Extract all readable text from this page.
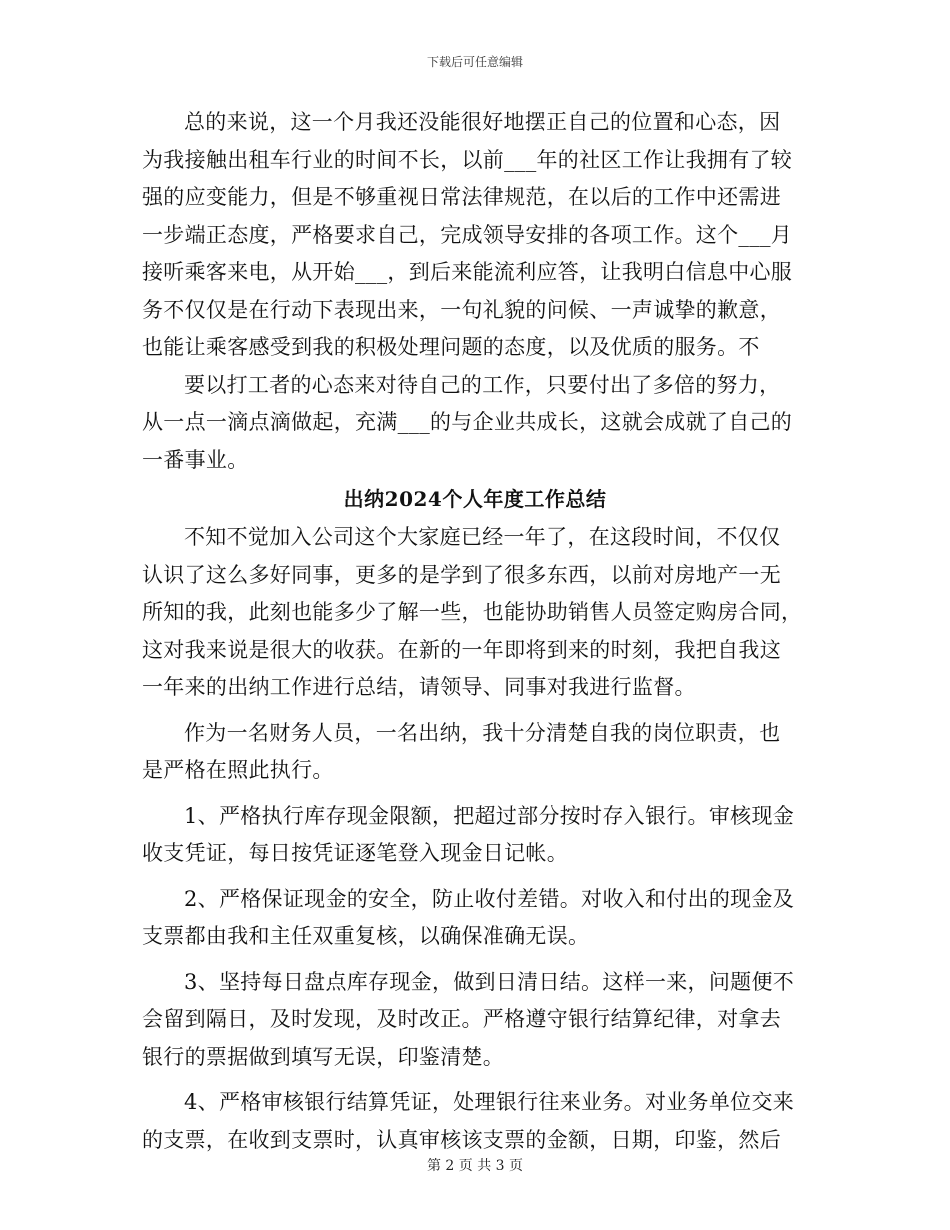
下载后可任意编辑
总的来说，这一个月我还没能很好地摆正自己的位置和心态，因
为我接触出租车行业的时间不长，以前___年的社区工作让我拥有了较
强的应变能力，但是不够重视日常法律规范，在以后的工作中还需进
一步端正态度，严格要求自己，完成领导安排的各项工作。这个___月
接听乘客来电，从开始___，到后来能流利应答，让我明白信息中心服
务不仅仅是在行动下表现出来，一句礼貌的问候、一声诚挚的歉意，
也能让乘客感受到我的积极处理问题的态度，以及优质的服务。不
要以打工者的心态来对待自己的工作，只要付出了多倍的努力，
从一点一滴点滴做起，充满___的与企业共成长，这就会成就了自己的
一番事业。
出纳2024个人年度工作总结
不知不觉加入公司这个大家庭已经一年了，在这段时间，不仅仅
认识了这么多好同事，更多的是学到了很多东西，以前对房地产一无
所知的我，此刻也能多少了解一些，也能协助销售人员签定购房合同，
这对我来说是很大的收获。在新的一年即将到来的时刻，我把自我这
一年来的出纳工作进行总结，请领导、同事对我进行监督。
作为一名财务人员，一名出纳，我十分清楚自我的岗位职责，也
是严格在照此执行。
1、严格执行库存现金限额，把超过部分按时存入银行。审核现金
收支凭证，每日按凭证逐笔登入现金日记帐。
2、严格保证现金的安全，防止收付差错。对收入和付出的现金及
支票都由我和主任双重复核，以确保准确无误。
3、坚持每日盘点库存现金，做到日清日结。这样一来，问题便不
会留到隔日，及时发现，及时改正。严格遵守银行结算纪律，对拿去
银行的票据做到填写无误，印鉴清楚。
4、严格审核银行结算凭证，处理银行往来业务。对业务单位交来
的支票，在收到支票时，认真审核该支票的金额，日期，印鉴，然后
第 2 页 共 3 页
